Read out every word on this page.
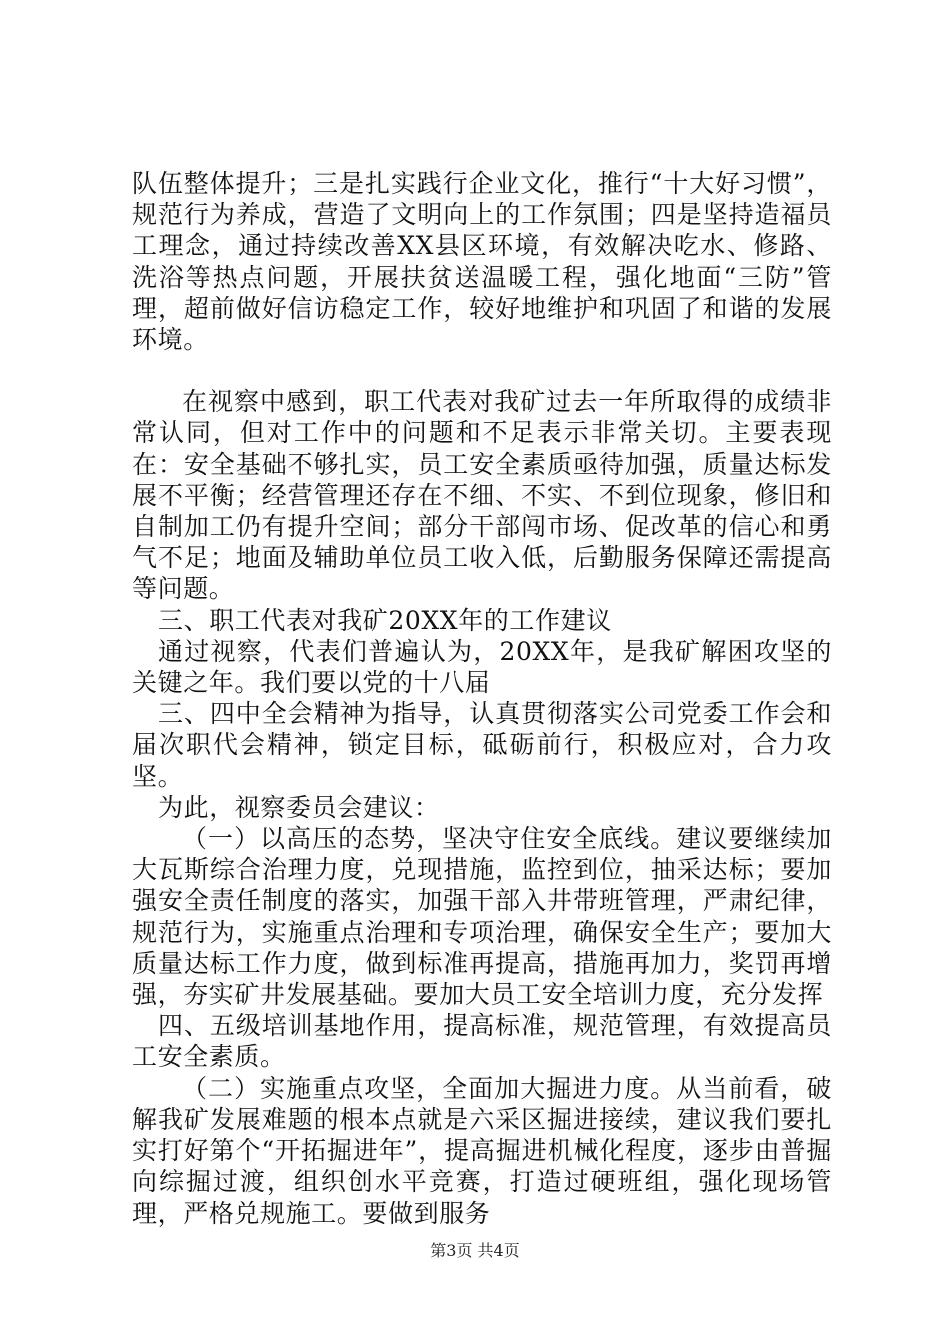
队伍整体提升；三是扎实践行企业文化，推行“十大好习惯”，规范行为养成，营造了文明向上的工作氛围；四是坚持造福员工理念，通过持续改善XX县区环境，有效解决吃水、修路、洗浴等热点问题，开展扶贫送温暖工程，强化地面“三防”管理，超前做好信访稳定工作，较好地维护和巩固了和谐的发展环境。

在视察中感到，职工代表对我矿过去一年所取得的成绩非常认同，但对工作中的问题和不足表示非常关切。主要表现在：安全基础不够扎实，员工安全素质亟待加强，质量达标发展不平衡；经营管理还存在不细、不实、不到位现象，修旧和自制加工仍有提升空间；部分干部闯市场、促改革的信心和勇气不足；地面及辅助单位员工收入低，后勤服务保障还需提高等问题。

三、职工代表对我矿20XX年的工作建议

通过视察，代表们普遍认为，20XX年，是我矿解困攻坚的关键之年。我们要以党的十八届

三、四中全会精神为指导，认真贯彻落实公司党委工作会和届次职代会精神，锁定目标，砥砺前行，积极应对，合力攻坚。

为此，视察委员会建议：

（一）以高压的态势，坚决守住安全底线。建议要继续加大瓦斯综合治理力度，兑现措施，监控到位，抽采达标；要加强安全责任制度的落实，加强干部入井带班管理，严肃纪律，规范行为，实施重点治理和专项治理，确保安全生产；要加大质量达标工作力度，做到标准再提高，措施再加力，奖罚再增强，夯实矿井发展基础。要加大员工安全培训力度，充分发挥

四、五级培训基地作用，提高标准，规范管理，有效提高员工安全素质。

（二）实施重点攻坚，全面加大掘进力度。从当前看，破解我矿发展难题的根本点就是六采区掘进接续，建议我们要扎实打好第个“开拓掘进年”，提高掘进机械化程度，逐步由普掘向综掘过渡，组织创水平竞赛，打造过硬班组，强化现场管理，严格兑规施工。要做到服务

第3页 共4页
